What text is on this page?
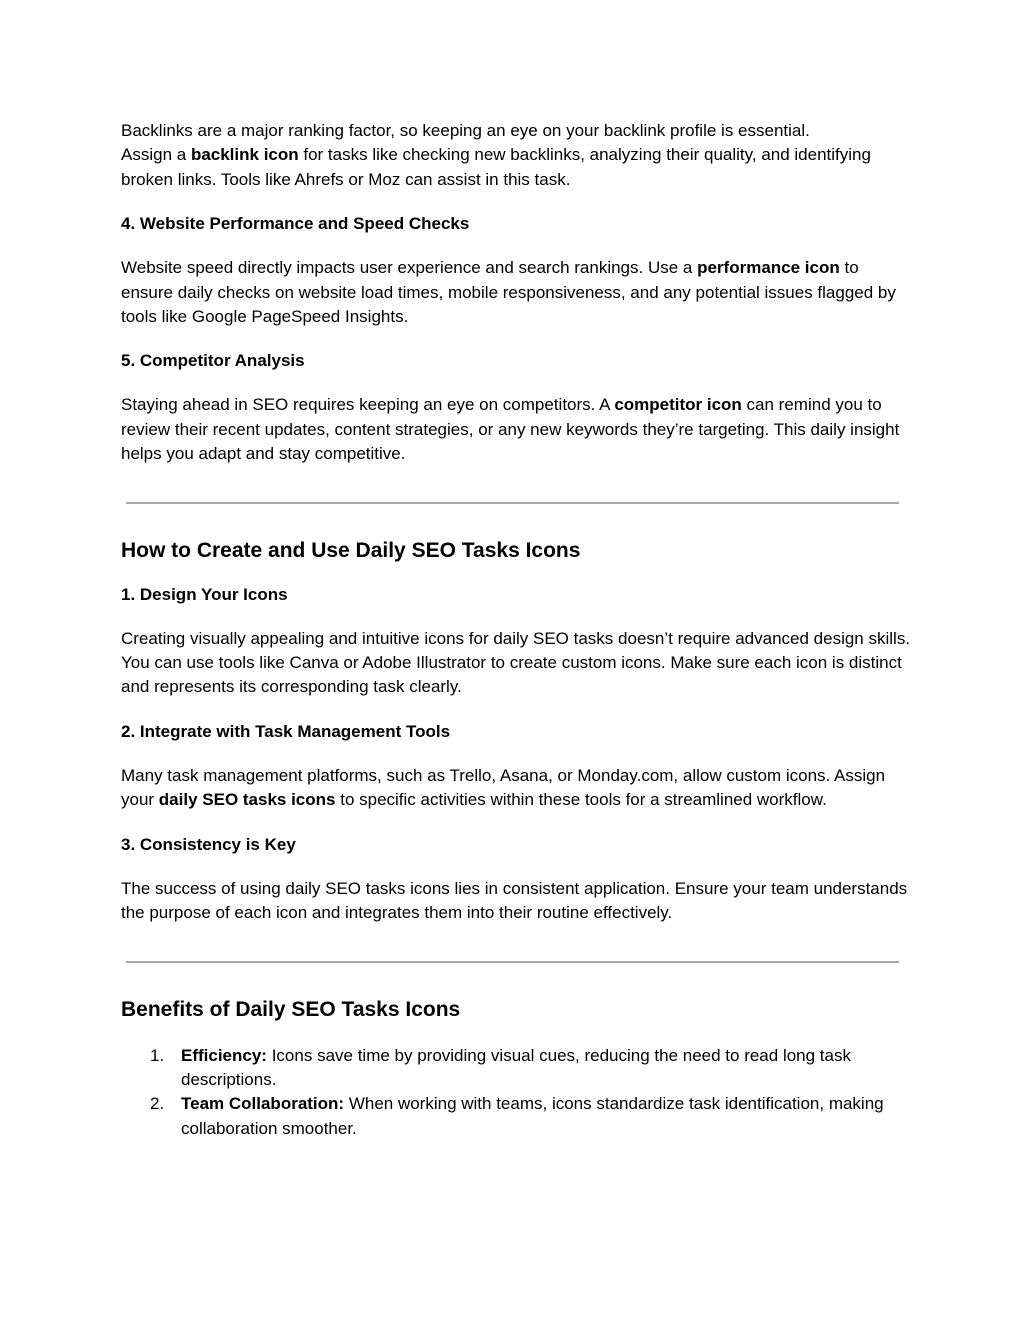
Backlinks are a major ranking factor, so keeping an eye on your backlink profile is essential.
Assign a backlink icon for tasks like checking new backlinks, analyzing their quality, and identifying broken links. Tools like Ahrefs or Moz can assist in this task.

4. Website Performance and Speed Checks

Website speed directly impacts user experience and search rankings. Use a performance icon to ensure daily checks on website load times, mobile responsiveness, and any potential issues flagged by tools like Google PageSpeed Insights.

5. Competitor Analysis

Staying ahead in SEO requires keeping an eye on competitors. A competitor icon can remind you to review their recent updates, content strategies, or any new keywords they’re targeting. This daily insight helps you adapt and stay competitive.

How to Create and Use Daily SEO Tasks Icons
1. Design Your Icons

Creating visually appealing and intuitive icons for daily SEO tasks doesn’t require advanced design skills. You can use tools like Canva or Adobe Illustrator to create custom icons. Make sure each icon is distinct and represents its corresponding task clearly.

2. Integrate with Task Management Tools

Many task management platforms, such as Trello, Asana, or Monday.com, allow custom icons. Assign your daily SEO tasks icons to specific activities within these tools for a streamlined workflow.

3. Consistency is Key

The success of using daily SEO tasks icons lies in consistent application. Ensure your team understands the purpose of each icon and integrates them into their routine effectively.

Benefits of Daily SEO Tasks Icons
1. Efficiency: Icons save time by providing visual cues, reducing the need to read long task descriptions.
2. Team Collaboration: When working with teams, icons standardize task identification, making collaboration smoother.
